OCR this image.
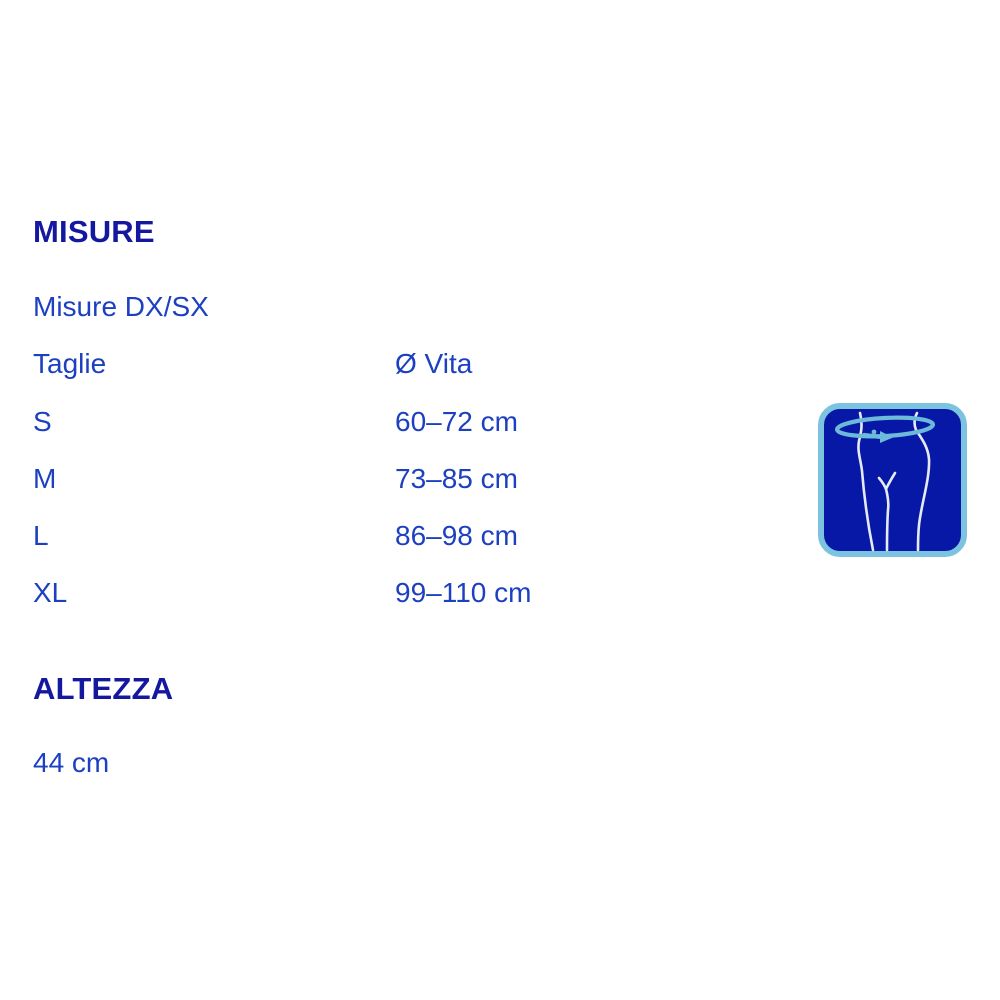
MISURE

Misure DX/SX

Taglie	Ø Vita
S	60–72 cm
M	73–85 cm
L	86–98 cm
XL	99–110 cm
ALTEZZA

44 cm
